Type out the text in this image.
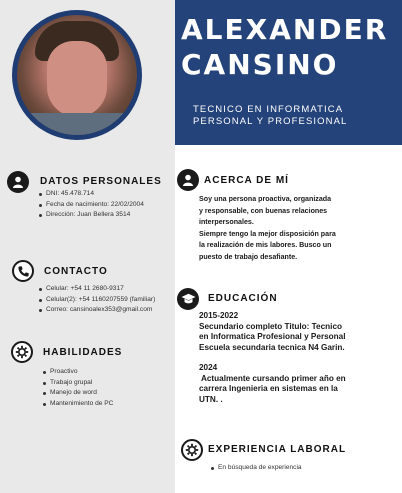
ALEXANDER
CANSINO
TECNICO EN INFORMATICA
PERSONAL Y PROFESIONAL
DATOS PERSONALES
DNI: 45.478.714
Fecha de nacimiento: 22/02/2004
Dirección: Juan Bellera 3514
CONTACTO
Celular: +54 11 2680-9317
Celular(2): +54 1160207559 (familiar)
Correo: cansinoalex353@gmail.com
HABILIDADES
Proactivo
Trabajo grupal
Manejo de word
Mantenimiento de PC
ACERCA DE MÍ
Soy una persona proactiva, organizada
y responsable, con buenas relaciones
interpersonales.
Siempre tengo la mejor disposición para
la realización de mis labores. Busco un
puesto de trabajo desafiante.
EDUCACIÓN
2015-2022
Secundario completo Titulo: Tecnico
en Informatica Profesional y Personal
Escuela secundaria tecnica N4 Garin.
2024
Actualmente cursando primer año en
carrera Ingenieria en sistemas en la
UTN. .
EXPERIENCIA LABORAL
En búsqueda de experiencia
